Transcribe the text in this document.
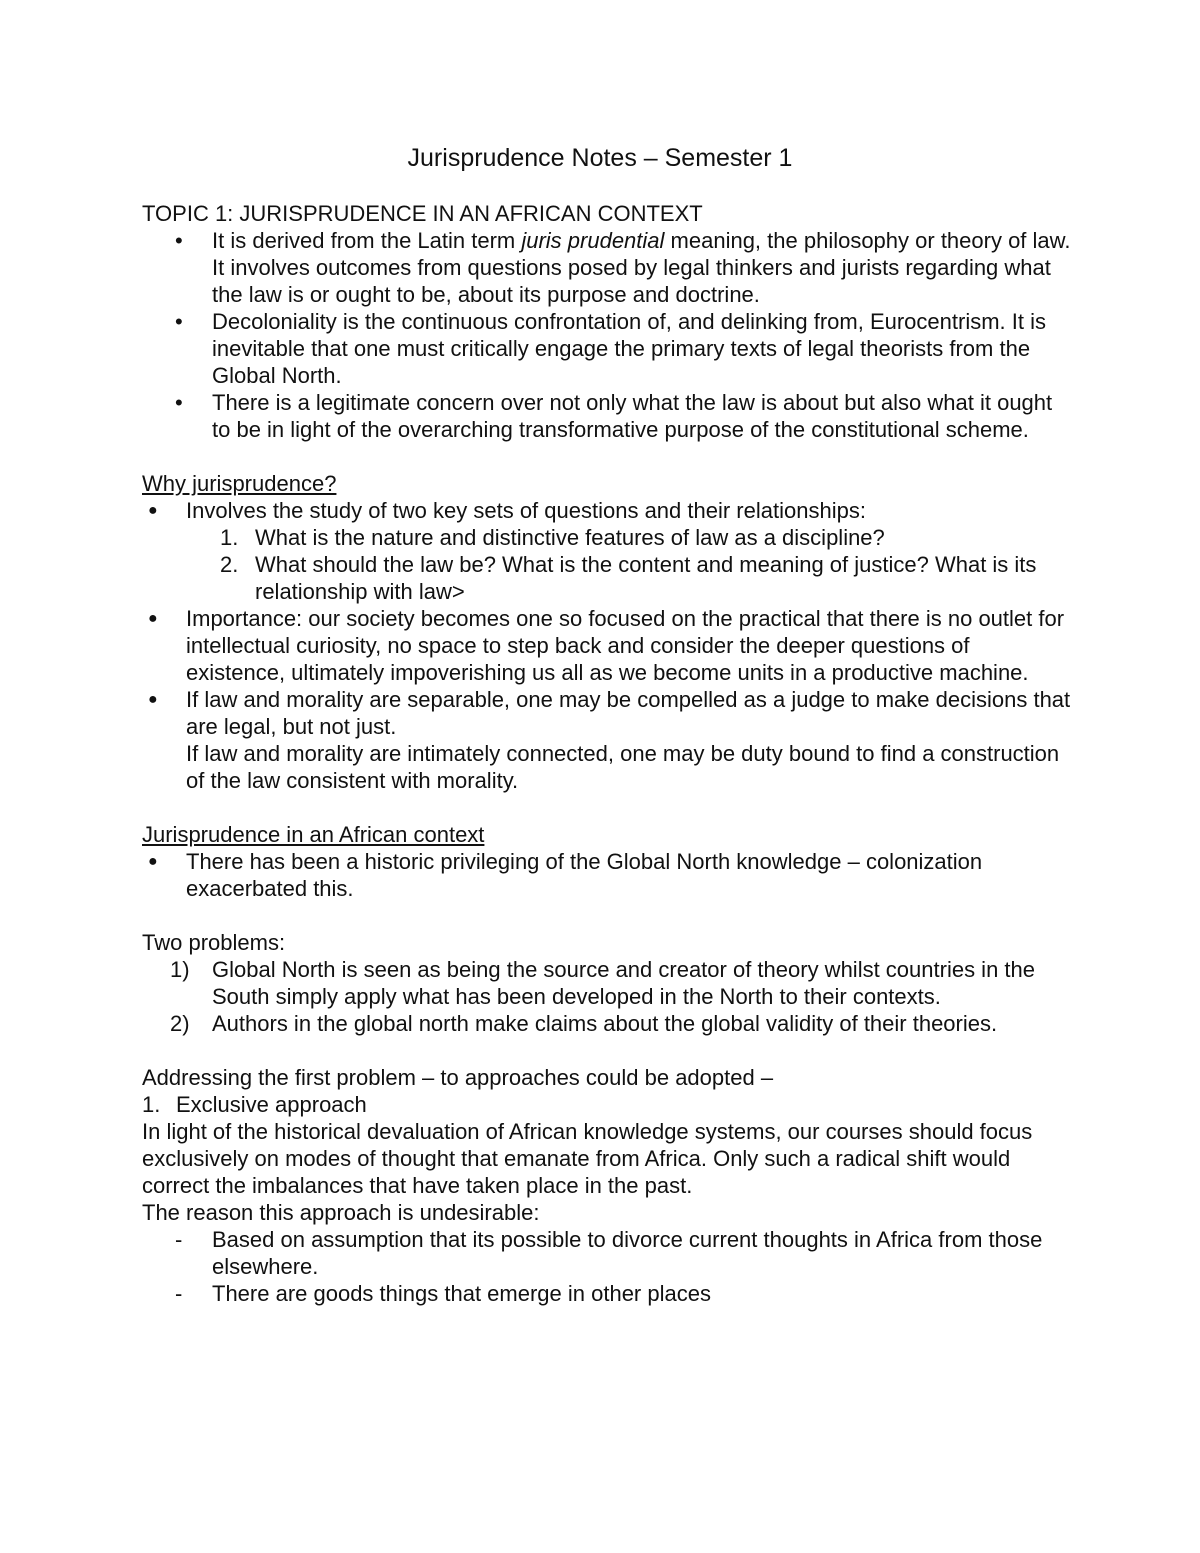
Jurisprudence Notes – Semester 1
TOPIC 1: JURISPRUDENCE IN AN AFRICAN CONTEXT
• It is derived from the Latin term juris prudential meaning, the philosophy or theory of law. It involves outcomes from questions posed by legal thinkers and jurists regarding what the law is or ought to be, about its purpose and doctrine.
• Decoloniality is the continuous confrontation of, and delinking from, Eurocentrism. It is inevitable that one must critically engage the primary texts of legal theorists from the Global North.
• There is a legitimate concern over not only what the law is about but also what it ought to be in light of the overarching transformative purpose of the constitutional scheme.
Why jurisprudence?
● Involves the study of two key sets of questions and their relationships:
1. What is the nature and distinctive features of law as a discipline?
2. What should the law be? What is the content and meaning of justice? What is its relationship with law>
● Importance: our society becomes one so focused on the practical that there is no outlet for intellectual curiosity, no space to step back and consider the deeper questions of existence, ultimately impoverishing us all as we become units in a productive machine.
● If law and morality are separable, one may be compelled as a judge to make decisions that are legal, but not just.
If law and morality are intimately connected, one may be duty bound to find a construction of the law consistent with morality.
Jurisprudence in an African context
● There has been a historic privileging of the Global North knowledge – colonization exacerbated this.
Two problems:
1) Global North is seen as being the source and creator of theory whilst countries in the South simply apply what has been developed in the North to their contexts.
2) Authors in the global north make claims about the global validity of their theories.
Addressing the first problem – to approaches could be adopted –
1. Exclusive approach
In light of the historical devaluation of African knowledge systems, our courses should focus exclusively on modes of thought that emanate from Africa. Only such a radical shift would correct the imbalances that have taken place in the past.
The reason this approach is undesirable:
- Based on assumption that its possible to divorce current thoughts in Africa from those elsewhere.
- There are goods things that emerge in other places
